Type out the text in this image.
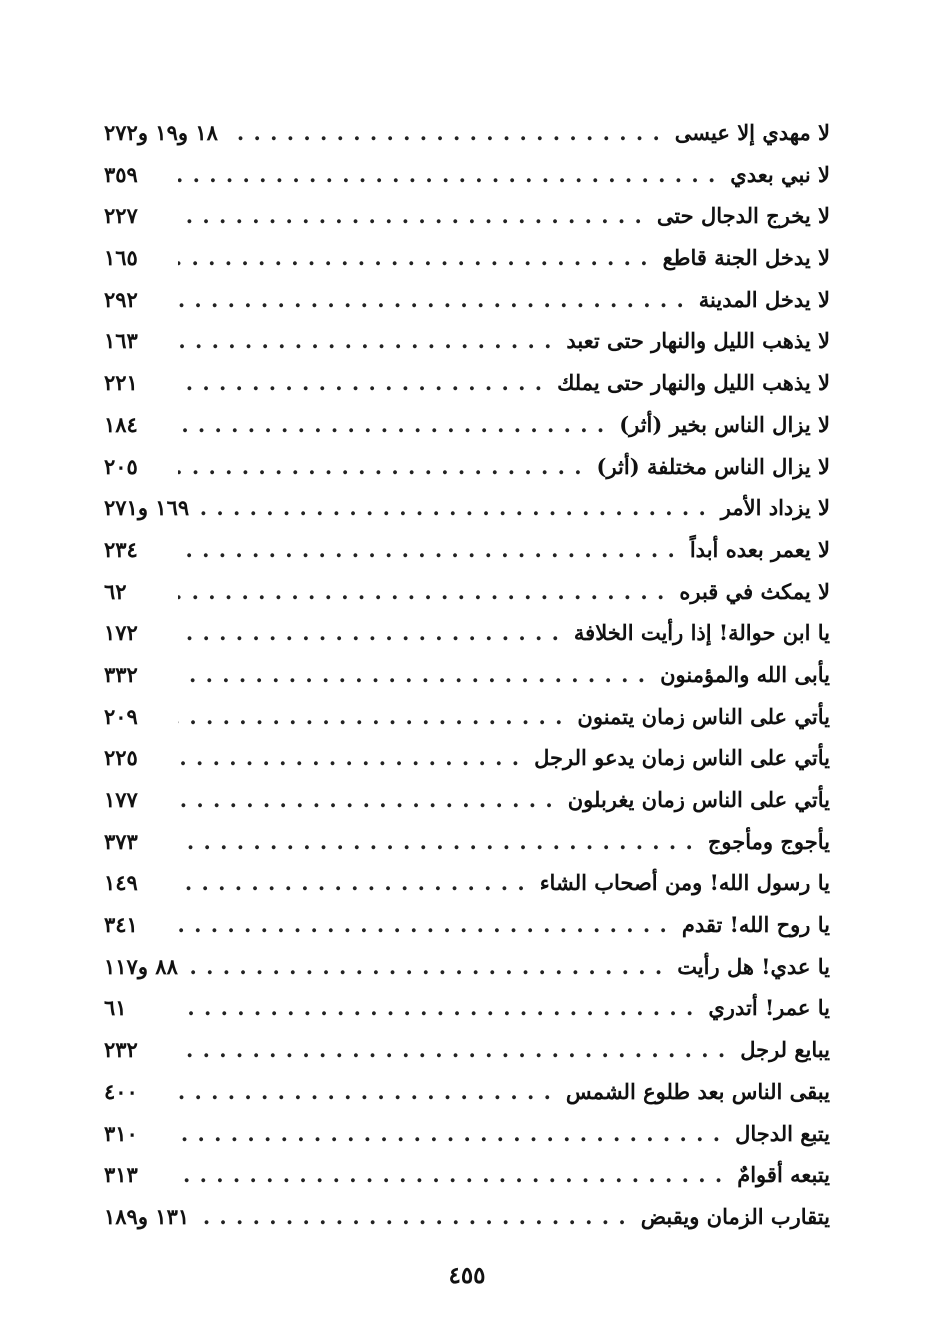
لا مهدي إلا عيسى
. . .
١٨ و١٩ و٢٧٢
لا نبي بعدي
. . .
٣٥٩
لا يخرج الدجال حتى
. . .
٢٢٧
لا يدخل الجنة قاطع
. . .
١٦٥
لا يدخل المدينة
. . .
٢٩٢
لا يذهب الليل والنهار حتى تعبد
. . .
١٦٣
لا يذهب الليل والنهار حتى يملك
. . .
٢٢١
لا يزال الناس بخير (أثر)
. . .
١٨٤
لا يزال الناس مختلفة (أثر)
. . .
٢٠٥
لا يزداد الأمر
. . .
١٦٩ و٢٧١
لا يعمر بعده أبداً
. . .
٢٣٤
لا يمكث في قبره
. . .
٦٢
يا ابن حوالة! إذا رأيت الخلافة
. . .
١٧٢
يأبى الله والمؤمنون
. . .
٣٣٢
يأتي على الناس زمان يتمنون
. . .
٢٠٩
يأتي على الناس زمان يدعو الرجل
. . .
٢٢٥
يأتي على الناس زمان يغربلون
. . .
١٧٧
يأجوج ومأجوج
. . .
٣٧٣
يا رسول الله! ومن أصحاب الشاء
. . .
١٤٩
يا روح الله! تقدم
. . .
٣٤١
يا عدي! هل رأيت
. . .
٨٨ و١١٧
يا عمر! أتدري
. . .
٦١
يبايع لرجل
. . .
٢٣٢
يبقى الناس بعد طلوع الشمس
. . .
٤٠٠
يتبع الدجال
. . .
٣١٠
يتبعه أقوامٌ
. . .
٣١٣
يتقارب الزمان ويقبض
. . .
١٣١ و١٨٩
٤٥٥
